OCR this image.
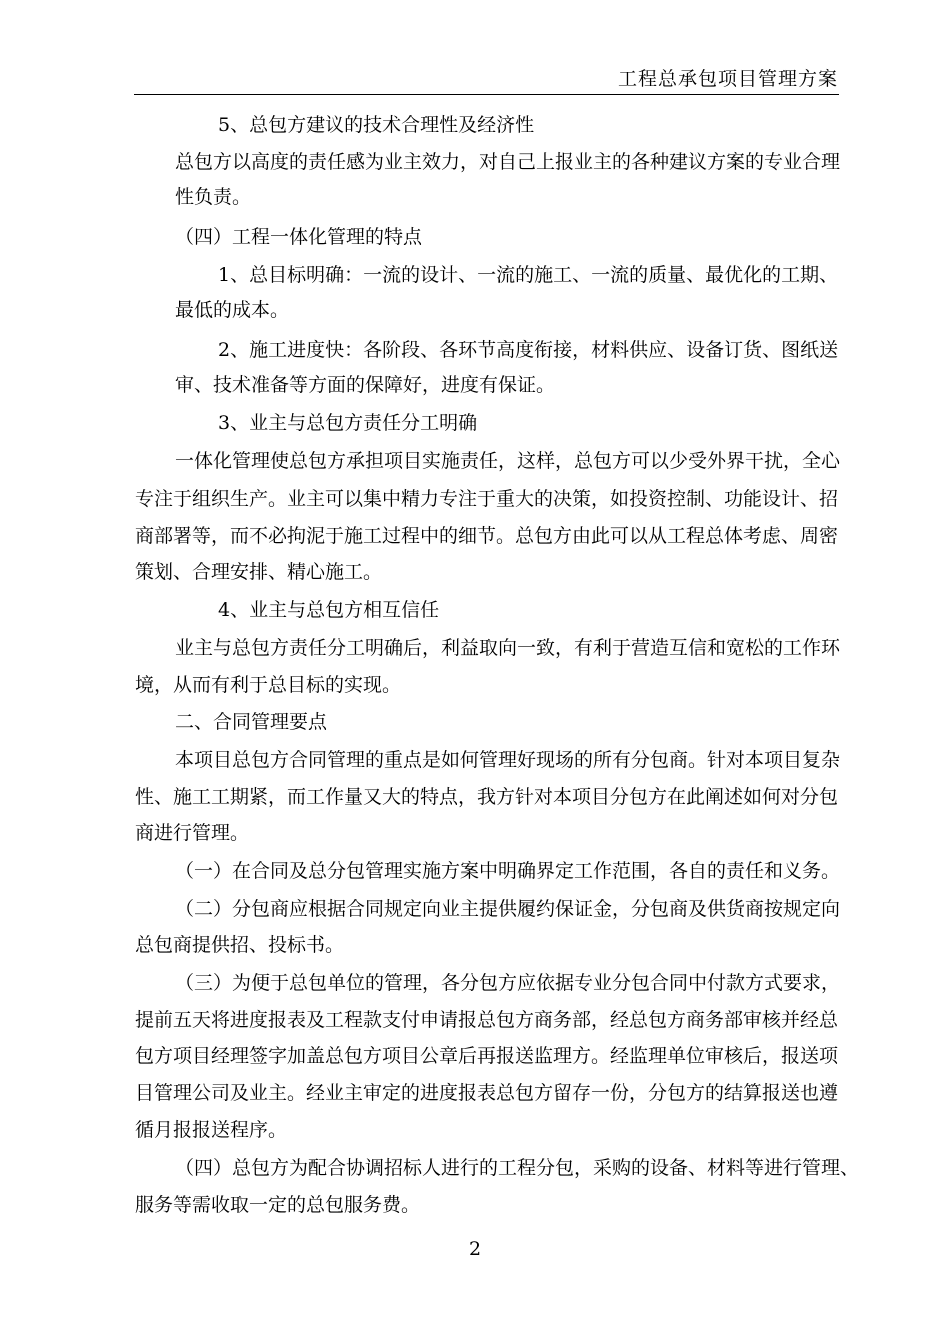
工程总承包项目管理方案
5、总包方建议的技术合理性及经济性
总包方以高度的责任感为业主效力，对自己上报业主的各种建议方案的专业合理
性负责。
（四）工程一体化管理的特点
1、总目标明确：一流的设计、一流的施工、一流的质量、最优化的工期、
最低的成本。
2、施工进度快：各阶段、各环节高度衔接，材料供应、设备订货、图纸送
审、技术准备等方面的保障好，进度有保证。
3、业主与总包方责任分工明确
一体化管理使总包方承担项目实施责任，这样，总包方可以少受外界干扰，全心
专注于组织生产。业主可以集中精力专注于重大的决策，如投资控制、功能设计、招
商部署等，而不必拘泥于施工过程中的细节。总包方由此可以从工程总体考虑、周密
策划、合理安排、精心施工。
4、业主与总包方相互信任
业主与总包方责任分工明确后，利益取向一致，有利于营造互信和宽松的工作环
境，从而有利于总目标的实现。
二、合同管理要点
本项目总包方合同管理的重点是如何管理好现场的所有分包商。针对本项目复杂
性、施工工期紧，而工作量又大的特点，我方针对本项目分包方在此阐述如何对分包
商进行管理。
（一）在合同及总分包管理实施方案中明确界定工作范围，各自的责任和义务。
（二）分包商应根据合同规定向业主提供履约保证金，分包商及供货商按规定向
总包商提供招、投标书。
（三）为便于总包单位的管理，各分包方应依据专业分包合同中付款方式要求，
提前五天将进度报表及工程款支付申请报总包方商务部，经总包方商务部审核并经总
包方项目经理签字加盖总包方项目公章后再报送监理方。经监理单位审核后，报送项
目管理公司及业主。经业主审定的进度报表总包方留存一份，分包方的结算报送也遵
循月报报送程序。
（四）总包方为配合协调招标人进行的工程分包，采购的设备、材料等进行管理、
服务等需收取一定的总包服务费。
2
